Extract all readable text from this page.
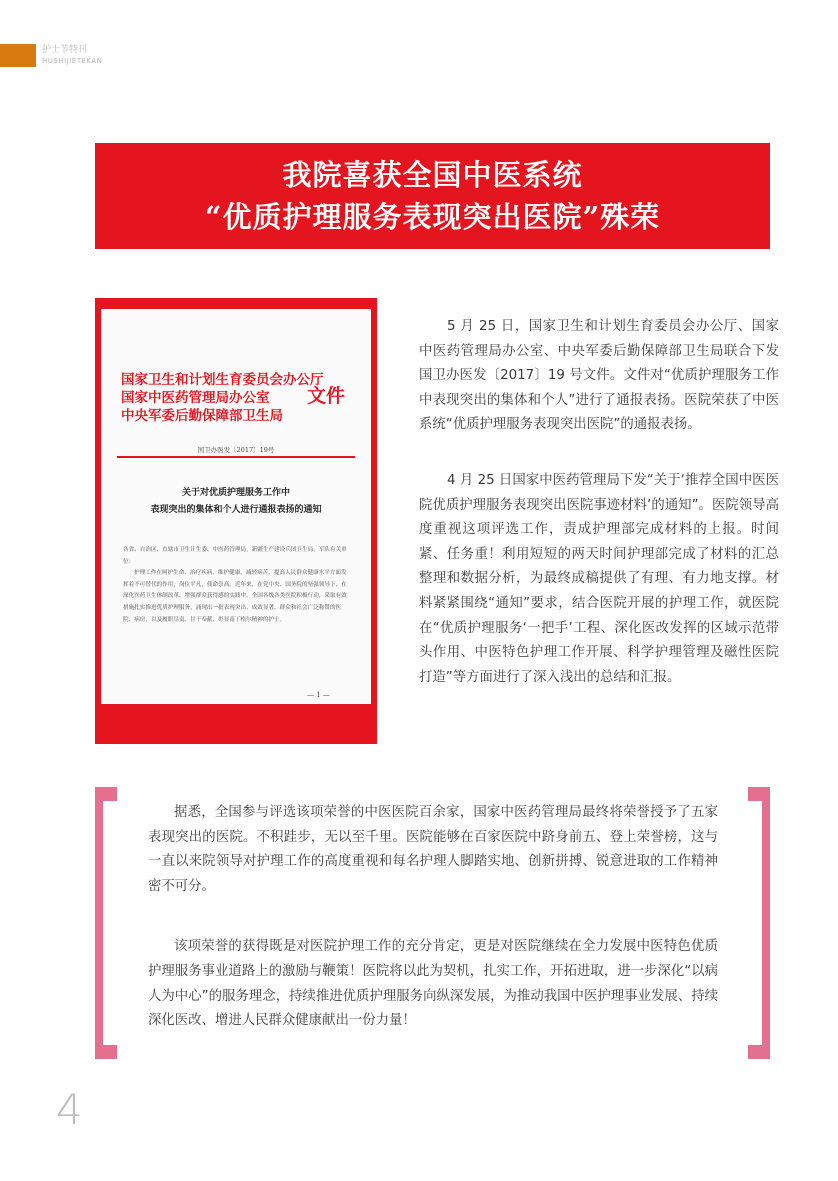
护士节特刊
HUSHIJIETEKAN
我院喜获全国中医系统
“优质护理服务表现突出医院”殊荣
国家卫生和计划生育委员会办公厅
国家中医药管理局办公室
中央军委后勤保障部卫生局
文件
国卫办医发〔2017〕19号
关于对优质护理服务工作中
表现突出的集体和个人进行通报表扬的通知

各省、自治区、直辖市卫生计生委、中医药管理局，新疆生产建设兵团卫生局，军队有关单位：

护理工作在呵护生命、治疗疾病、维护健康、减轻病苦、提高人民群众健康水平方面发挥着不可替代的作用，岗位平凡，使命崇高。近年来，在党中央、国务院的坚强领导下，在深化医药卫生体制改革、增强群众获得感的实践中，全国各级各类医院积极行动，采取有效措施扎实推进优质护理服务，涌现出一批表现突出、成效显著、群众和社会广泛称赞的医院、病房，以及履职尽责、甘于奉献、彰显南丁格尔精神的护士。

— 1 —

5 月 25 日，国家卫生和计划生育委员会办公厅、国家中医药管理局办公室、中央军委后勤保障部卫生局联合下发国卫办医发〔2017〕19 号文件。文件对“优质护理服务工作中表现突出的集体和个人”进行了通报表扬。医院荣获了中医系统“优质护理服务表现突出医院”的通报表扬。

4 月 25 日国家中医药管理局下发“关于‘推荐全国中医医院优质护理服务表现突出医院事迹材料’的通知”。医院领导高度重视这项评选工作，责成护理部完成材料的上报。时间紧、任务重！利用短短的两天时间护理部完成了材料的汇总整理和数据分析，为最终成稿提供了有理、有力地支撑。材料紧紧围绕“通知”要求，结合医院开展的护理工作，就医院在“优质护理服务‘一把手’工程、深化医改发挥的区域示范带头作用、中医特色护理工作开展、科学护理管理及磁性医院打造”等方面进行了深入浅出的总结和汇报。

据悉，全国参与评选该项荣誉的中医医院百余家，国家中医药管理局最终将荣誉授予了五家表现突出的医院。不积跬步，无以至千里。医院能够在百家医院中跻身前五、登上荣誉榜，这与一直以来院领导对护理工作的高度重视和每名护理人脚踏实地、创新拼搏、锐意进取的工作精神密不可分。

该项荣誉的获得既是对医院护理工作的充分肯定，更是对医院继续在全力发展中医特色优质护理服务事业道路上的激励与鞭策！医院将以此为契机，扎实工作，开拓进取，进一步深化“以病人为中心”的服务理念，持续推进优质护理服务向纵深发展，为推动我国中医护理事业发展、持续深化医改、增进人民群众健康献出一份力量！

4
